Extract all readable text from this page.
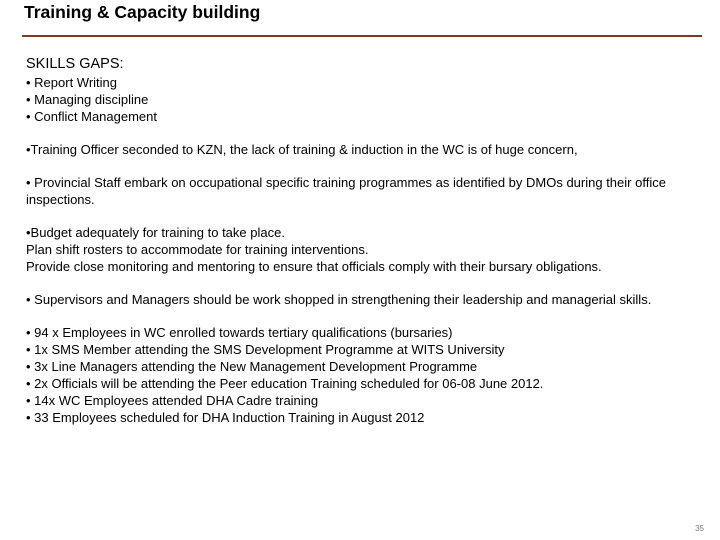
Training & Capacity building
SKILLS GAPS:
• Report Writing
• Managing discipline
• Conflict Management
•Training Officer seconded to KZN, the lack of training & induction in the WC is of huge concern,
• Provincial Staff embark on occupational specific training programmes as identified by DMOs during their office inspections.
•Budget adequately for training to take place.
Plan shift rosters to accommodate for training interventions.
Provide close monitoring and mentoring to ensure that officials comply with their bursary obligations.
• Supervisors and Managers should be work shopped in strengthening their leadership and managerial skills.
• 94 x Employees in WC enrolled towards tertiary qualifications (bursaries)
• 1x SMS Member attending the SMS Development Programme at WITS University
• 3x Line Managers attending the New Management Development Programme
• 2x Officials will be attending the Peer education Training scheduled for 06-08 June 2012.
• 14x WC Employees attended DHA Cadre training
• 33 Employees scheduled for DHA Induction Training in August 2012
35
